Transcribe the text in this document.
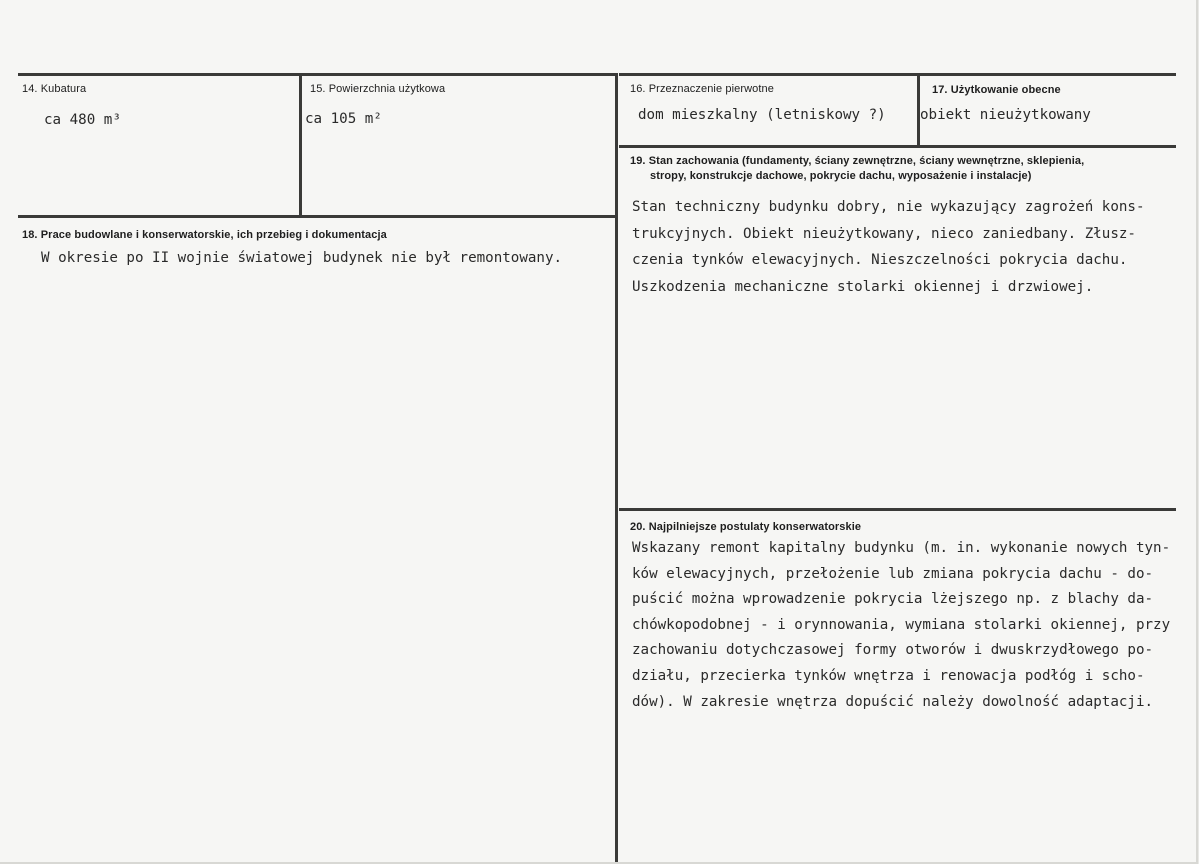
14. Kubatura
ca 480 m³
15. Powierzchnia użytkowa
ca 105 m²
16. Przeznaczenie pierwotne
dom mieszkalny (letniskowy ?)
17. Użytkowanie obecne
obiekt nieużytkowany
18. Prace budowlane i konserwatorskie, ich przebieg i dokumentacja
W okresie po II wojnie światowej budynek nie był remontowany.
19. Stan zachowania (fundamenty, ściany zewnętrzne, ściany wewnętrzne, sklepienia,
stropy, konstrukcje dachowe, pokrycie dachu, wyposażenie i instalacje)
Stan techniczny budynku dobry, nie wykazujący zagrożeń kons-
trukcyjnych. Obiekt nieużytkowany, nieco zaniedbany. Złusz-
czenia tynków elewacyjnych. Nieszczelności pokrycia dachu.
Uszkodzenia mechaniczne stolarki okiennej i drzwiowej.
20. Najpilniejsze postulaty konserwatorskie
Wskazany remont kapitalny budynku (m. in. wykonanie nowych tyn-
ków elewacyjnych, przełożenie lub zmiana pokrycia dachu - do-
puścić można wprowadzenie pokrycia lżejszego np. z blachy da-
chówkopodobnej - i orynnowania, wymiana stolarki okiennej, przy
zachowaniu dotychczasowej formy otworów i dwuskrzydłowego po-
działu, przecierka tynków wnętrza i renowacja podłóg i scho-
dów). W zakresie wnętrza dopuścić należy dowolność adaptacji.
